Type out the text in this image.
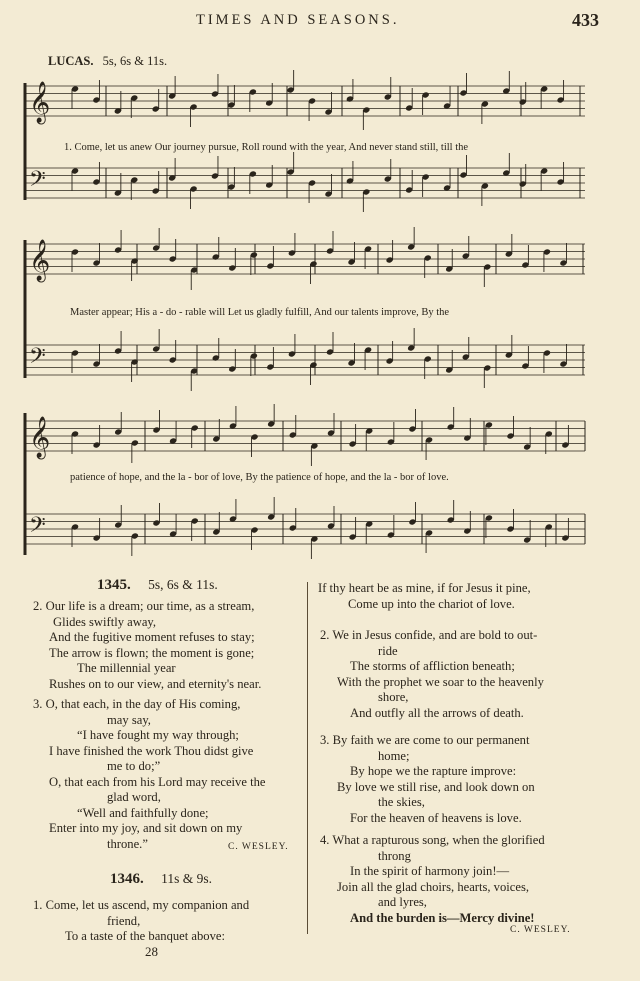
TIMES AND SEASONS.	433
LUCAS. 5s, 6s & 11s.
𝄞
𝄢
𝄞
𝄢
𝄞
𝄢
1. Come, let us anew Our journey pursue, Roll round with the year, And never stand still, till the
Master appear; His a - do - rable will Let us gladly fulfill, And our talents improve, By the
patience of hope, and the la - bor of love, By the patience of hope, and the la - bor of love.
1345. 5s, 6s & 11s.
2. Our life is a dream; our time, as a stream,
Glides swiftly away,
And the fugitive moment refuses to stay;
The arrow is flown; the moment is gone;
The millennial year
Rushes on to our view, and eternity's near.
3. O, that each, in the day of His coming,
may say,
“I have fought my way through;
I have finished the work Thou didst give
me to do;”
O, that each from his Lord may receive the
glad word,
“Well and faithfully done;
Enter into my joy, and sit down on my
throne.”	C. WESLEY.
1346. 11s & 9s.
1. Come, let us ascend, my companion and
friend,
To a taste of the banquet above:
28
If thy heart be as mine, if for Jesus it pine,
Come up into the chariot of love.
2. We in Jesus confide, and are bold to out-
ride
The storms of affliction beneath;
With the prophet we soar to the heavenly
shore,
And outfly all the arrows of death.
3. By faith we are come to our permanent
home;
By hope we the rapture improve:
By love we still rise, and look down on
the skies,
For the heaven of heavens is love.
4. What a rapturous song, when the glorified
throng
In the spirit of harmony join!—
Join all the glad choirs, hearts, voices,
and lyres,
And the burden is—Mercy divine!
C. WESLEY.
